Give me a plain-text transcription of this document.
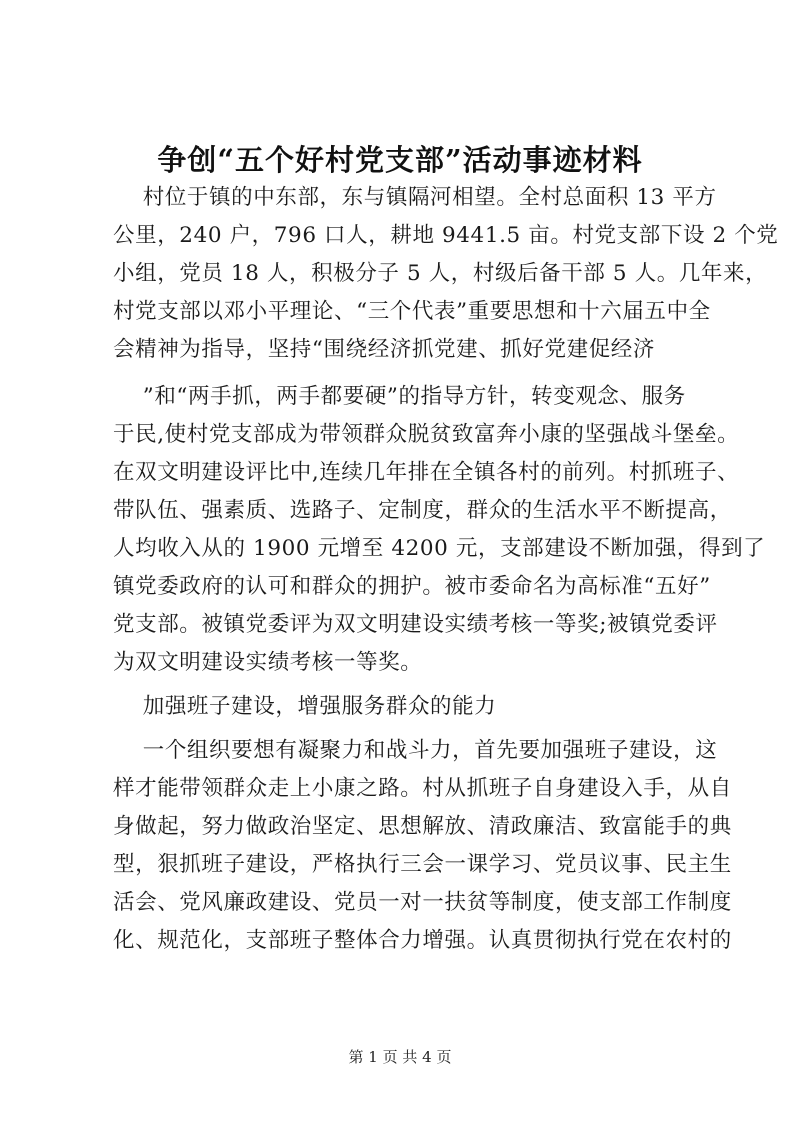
争创“五个好村党支部”活动事迹材料
村位于镇的中东部，东与镇隔河相望。全村总面积 13 平方
公里，240 户，796 口人，耕地 9441.5 亩。村党支部下设 2 个党
小组，党员 18 人，积极分子 5 人，村级后备干部 5 人。几年来，
村党支部以邓小平理论、“三个代表”重要思想和十六届五中全
会精神为指导，坚持“围绕经济抓党建、抓好党建促经济
”和“两手抓，两手都要硬”的指导方针，转变观念、服务
于民,使村党支部成为带领群众脱贫致富奔小康的坚强战斗堡垒。
在双文明建设评比中,连续几年排在全镇各村的前列。村抓班子、
带队伍、强素质、选路子、定制度，群众的生活水平不断提高，
人均收入从的 1900 元增至 4200 元，支部建设不断加强，得到了
镇党委政府的认可和群众的拥护。被市委命名为高标准“五好”
党支部。被镇党委评为双文明建设实绩考核一等奖;被镇党委评
为双文明建设实绩考核一等奖。
加强班子建设，增强服务群众的能力
一个组织要想有凝聚力和战斗力，首先要加强班子建设，这
样才能带领群众走上小康之路。村从抓班子自身建设入手，从自
身做起，努力做政治坚定、思想解放、清政廉洁、致富能手的典
型，狠抓班子建设，严格执行三会一课学习、党员议事、民主生
活会、党风廉政建设、党员一对一扶贫等制度，使支部工作制度
化、规范化，支部班子整体合力增强。认真贯彻执行党在农村的
第 1 页 共 4 页
